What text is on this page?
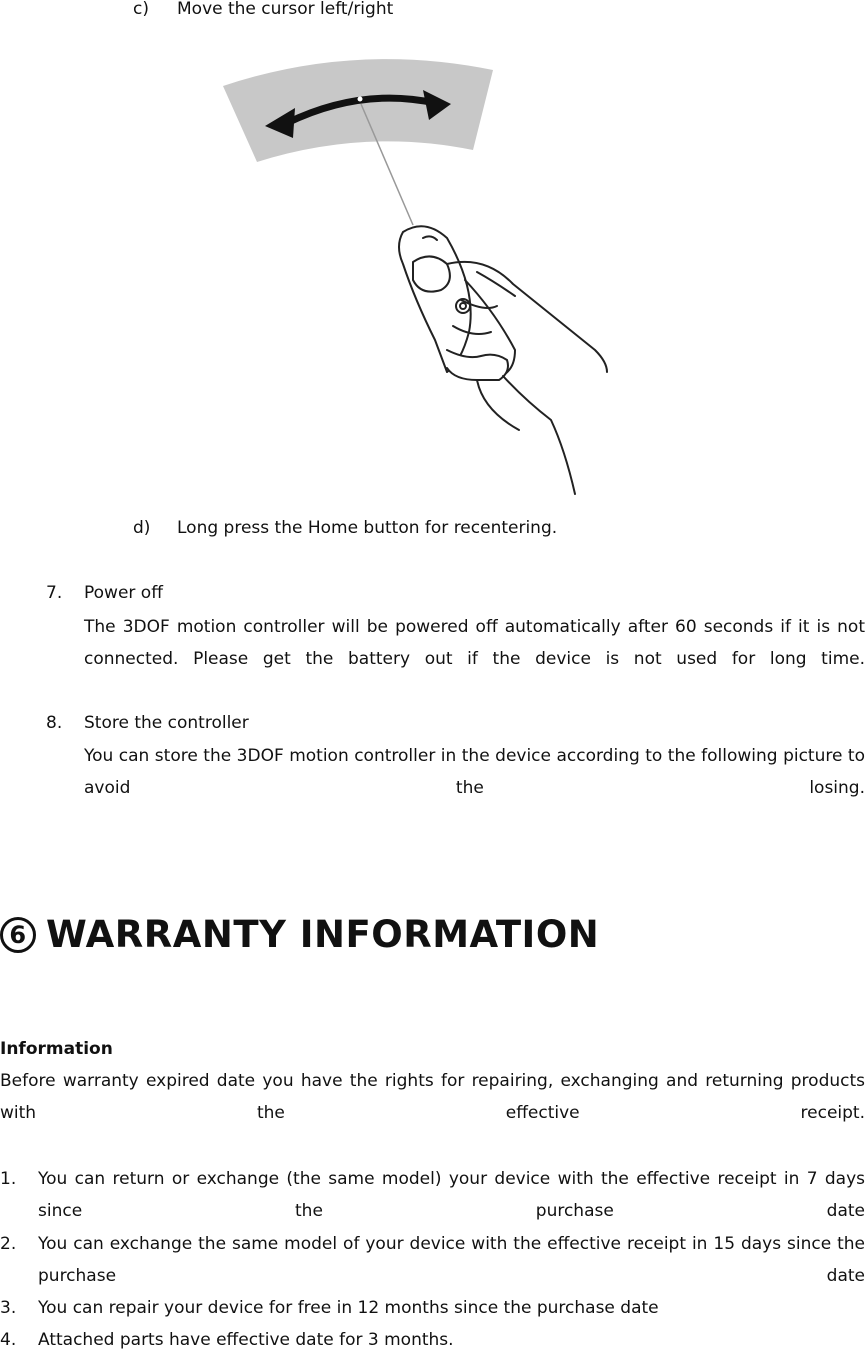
c) Move the cursor left/right
d) Long press the Home button for recentering.
7. Power off
The 3DOF motion controller will be powered off automatically after 60 seconds if it is not connected. Please get the battery out if the device is not used for long time.
8. Store the controller
You can store the 3DOF motion controller in the device according to the following picture to avoid the losing.
6 WARRANTY INFORMATION
Information
Before warranty expired date you have the rights for repairing, exchanging and returning products with the effective receipt.
1. You can return or exchange (the same model) your device with the effective receipt in 7 days since the purchase date
2. You can exchange the same model of your device with the effective receipt in 15 days since the purchase date
3. You can repair your device for free in 12 months since the purchase date
4. Attached parts have effective date for 3 months.
